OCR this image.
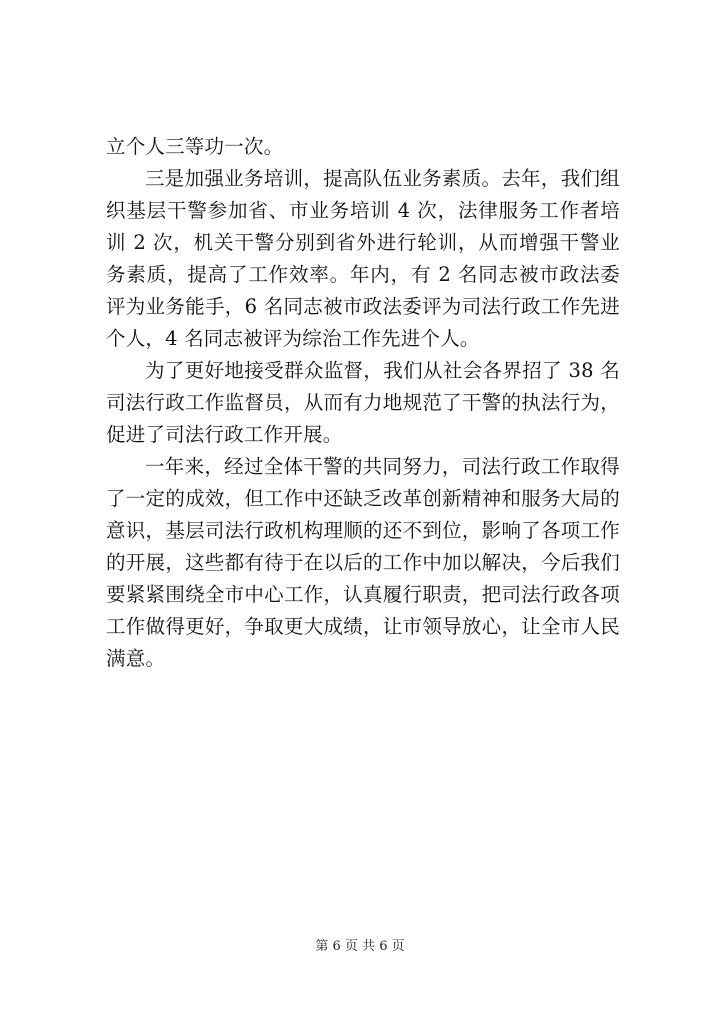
立个人三等功一次。

三是加强业务培训，提高队伍业务素质。去年，我们组织基层干警参加省、市业务培训 4 次，法律服务工作者培训 2 次，机关干警分别到省外进行轮训，从而增强干警业务素质，提高了工作效率。年内，有 2 名同志被市政法委评为业务能手，6 名同志被市政法委评为司法行政工作先进个人，4 名同志被评为综治工作先进个人。

为了更好地接受群众监督，我们从社会各界招了 38 名司法行政工作监督员，从而有力地规范了干警的执法行为，促进了司法行政工作开展。

一年来，经过全体干警的共同努力，司法行政工作取得了一定的成效，但工作中还缺乏改革创新精神和服务大局的意识，基层司法行政机构理顺的还不到位，影响了各项工作的开展，这些都有待于在以后的工作中加以解决，今后我们要紧紧围绕全市中心工作，认真履行职责，把司法行政各项工作做得更好，争取更大成绩，让市领导放心，让全市人民满意。

第 6 页 共 6 页
